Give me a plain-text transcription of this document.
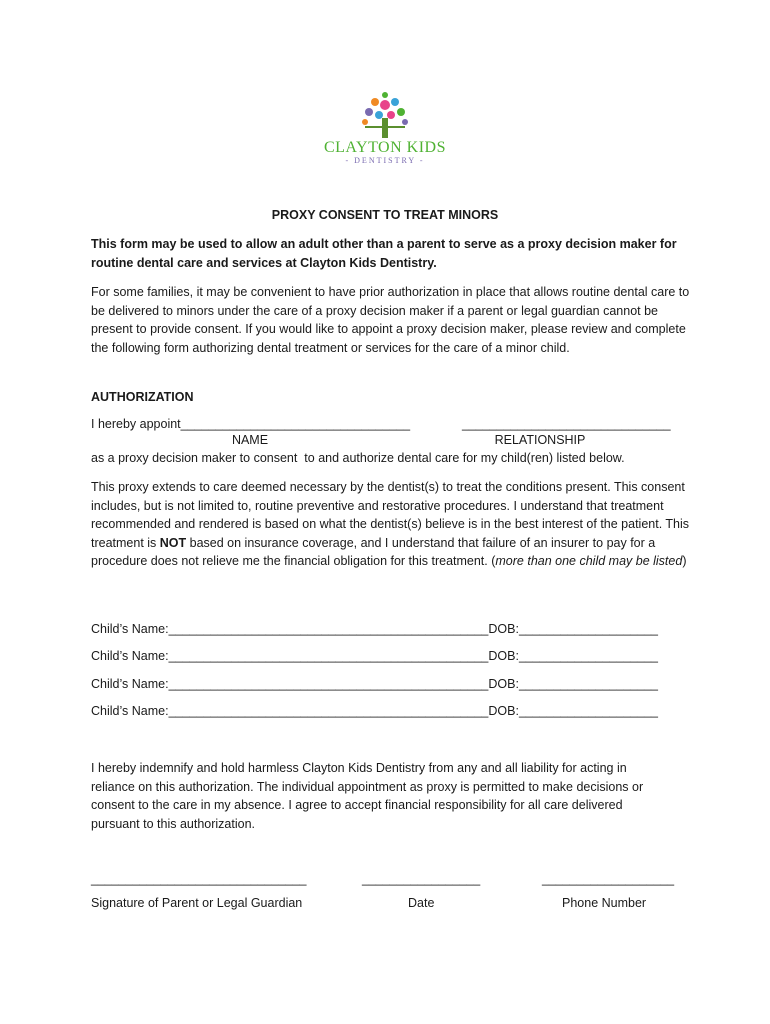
CLAYTON KIDS
- DENTISTRY -
PROXY CONSENT TO TREAT MINORS
This form may be used to allow an adult other than a parent to serve as a proxy decision maker for routine dental care and services at Clayton Kids Dentistry.
For some families, it may be convenient to have prior authorization in place that allows routine dental care to be delivered to minors under the care of a proxy decision maker if a parent or legal guardian cannot be present to provide consent. If you would like to appoint a proxy decision maker, please review and complete the following form authorizing dental treatment or services for the care of a minor child.
AUTHORIZATION
I hereby appoint_________________________________	______________________________
NAME	RELATIONSHIP
as a proxy decision maker to consent  to and authorize dental care for my child(ren) listed below.
This proxy extends to care deemed necessary by the dentist(s) to treat the conditions present. This consent includes, but is not limited to, routine preventive and restorative procedures. I understand that treatment recommended and rendered is based on what the dentist(s) believe is in the best interest of the patient. This treatment is NOT based on insurance coverage, and I understand that failure of an insurer to pay for a procedure does not relieve me the financial obligation for this treatment. (more than one child may be listed)
Child’s Name:______________________________________________DOB:____________________
Child’s Name:______________________________________________DOB:____________________
Child’s Name:______________________________________________DOB:____________________
Child’s Name:______________________________________________DOB:____________________
I hereby indemnify and hold harmless Clayton Kids Dentistry from any and all liability for acting in reliance on this authorization. The individual appointment as proxy is permitted to make decisions or consent to the care in my absence. I agree to accept financial responsibility for all care delivered pursuant to this authorization.
_______________________________	_________________	___________________
Signature of Parent or Legal Guardian	Date	Phone Number
